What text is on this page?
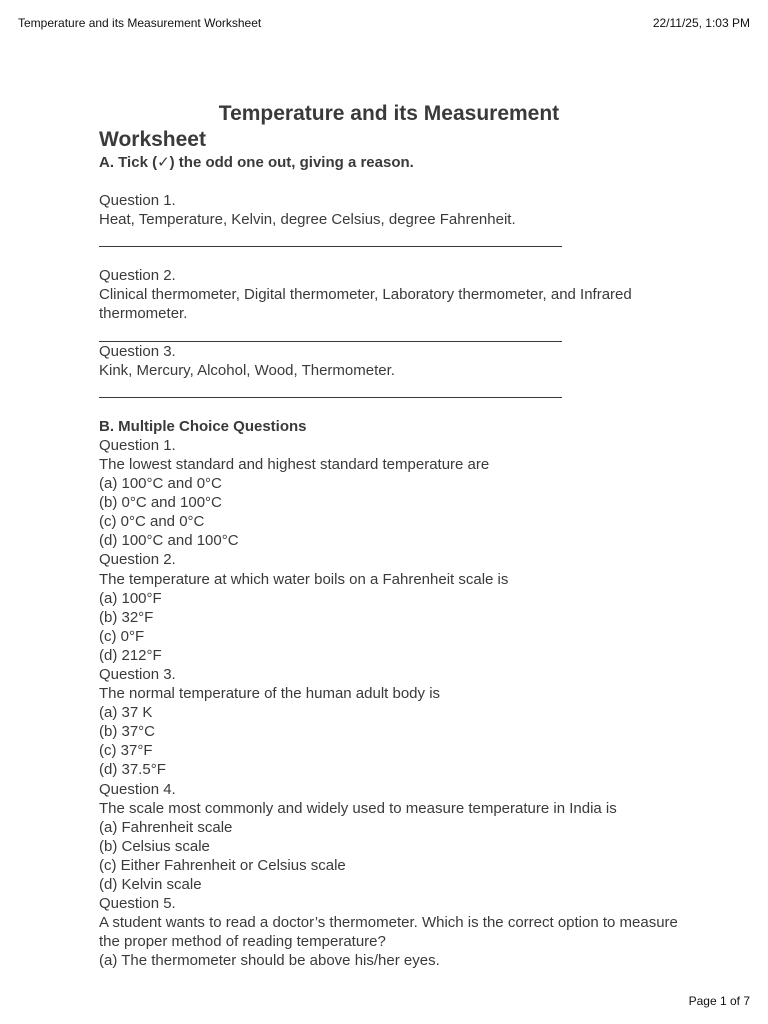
Temperature and its Measurement Worksheet	22/11/25, 1:03 PM
Temperature and its Measurement
Worksheet
A. Tick (✓) the odd one out, giving a reason.
Question 1.
Heat, Temperature, Kelvin, degree Celsius, degree Fahrenheit.
Question 2.
Clinical thermometer, Digital thermometer, Laboratory thermometer, and Infrared thermometer.
Question 3.
Kink, Mercury, Alcohol, Wood, Thermometer.
B. Multiple Choice Questions
Question 1.
The lowest standard and highest standard temperature are
(a) 100°C and 0°C
(b) 0°C and 100°C
(c) 0°C and 0°C
(d) 100°C and 100°C
Question 2.
The temperature at which water boils on a Fahrenheit scale is
(a) 100°F
(b) 32°F
(c) 0°F
(d) 212°F
Question 3.
The normal temperature of the human adult body is
(a) 37 K
(b) 37°C
(c) 37°F
(d) 37.5°F
Question 4.
The scale most commonly and widely used to measure temperature in India is
(a) Fahrenheit scale
(b) Celsius scale
(c) Either Fahrenheit or Celsius scale
(d) Kelvin scale
Question 5.
A student wants to read a doctor’s thermometer. Which is the correct option to measure the proper method of reading temperature?
(a) The thermometer should be above his/her eyes.
Page 1 of 7
